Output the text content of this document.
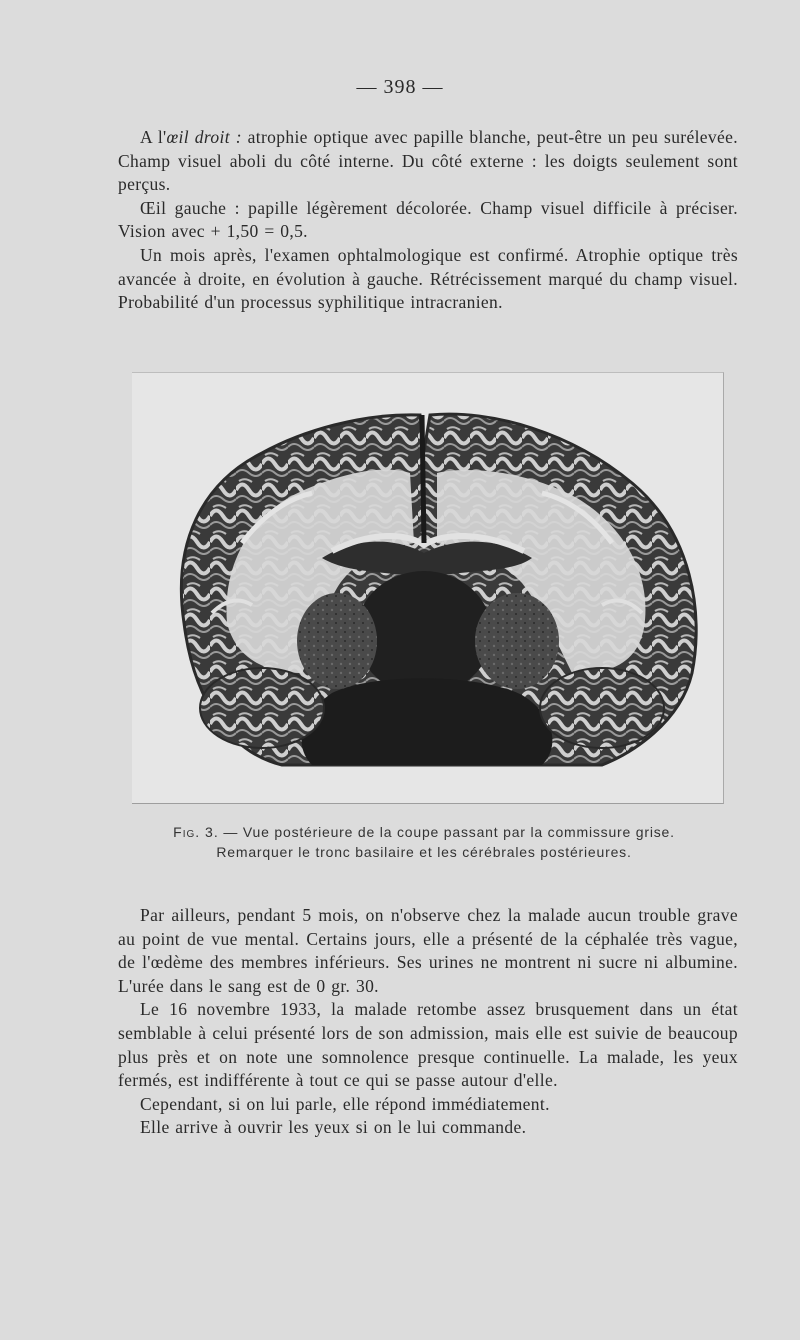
— 398 —

A l'œil droit : atrophie optique avec papille blanche, peut-être un peu surélevée. Champ visuel aboli du côté interne. Du côté externe : les doigts seulement sont perçus.

Œil gauche : papille légèrement décolorée. Champ visuel difficile à préciser. Vision avec + 1,50 = 0,5.

Un mois après, l'examen ophtalmologique est confirmé. Atrophie optique très avancée à droite, en évolution à gauche. Rétrécissement marqué du champ visuel. Probabilité d'un processus syphilitique intracranien.

Fig. 3. — Vue postérieure de la coupe passant par la commissure grise.
Remarquer le tronc basilaire et les cérébrales postérieures.

Par ailleurs, pendant 5 mois, on n'observe chez la malade aucun trouble grave au point de vue mental. Certains jours, elle a présenté de la céphalée très vague, de l'œdème des membres inférieurs. Ses urines ne montrent ni sucre ni albumine. L'urée dans le sang est de 0 gr. 30.

Le 16 novembre 1933, la malade retombe assez brusquement dans un état semblable à celui présenté lors de son admission, mais elle est suivie de beaucoup plus près et on note une somnolence presque continuelle. La malade, les yeux fermés, est indifférente à tout ce qui se passe autour d'elle.

Cependant, si on lui parle, elle répond immédiatement.

Elle arrive à ouvrir les yeux si on le lui commande.
